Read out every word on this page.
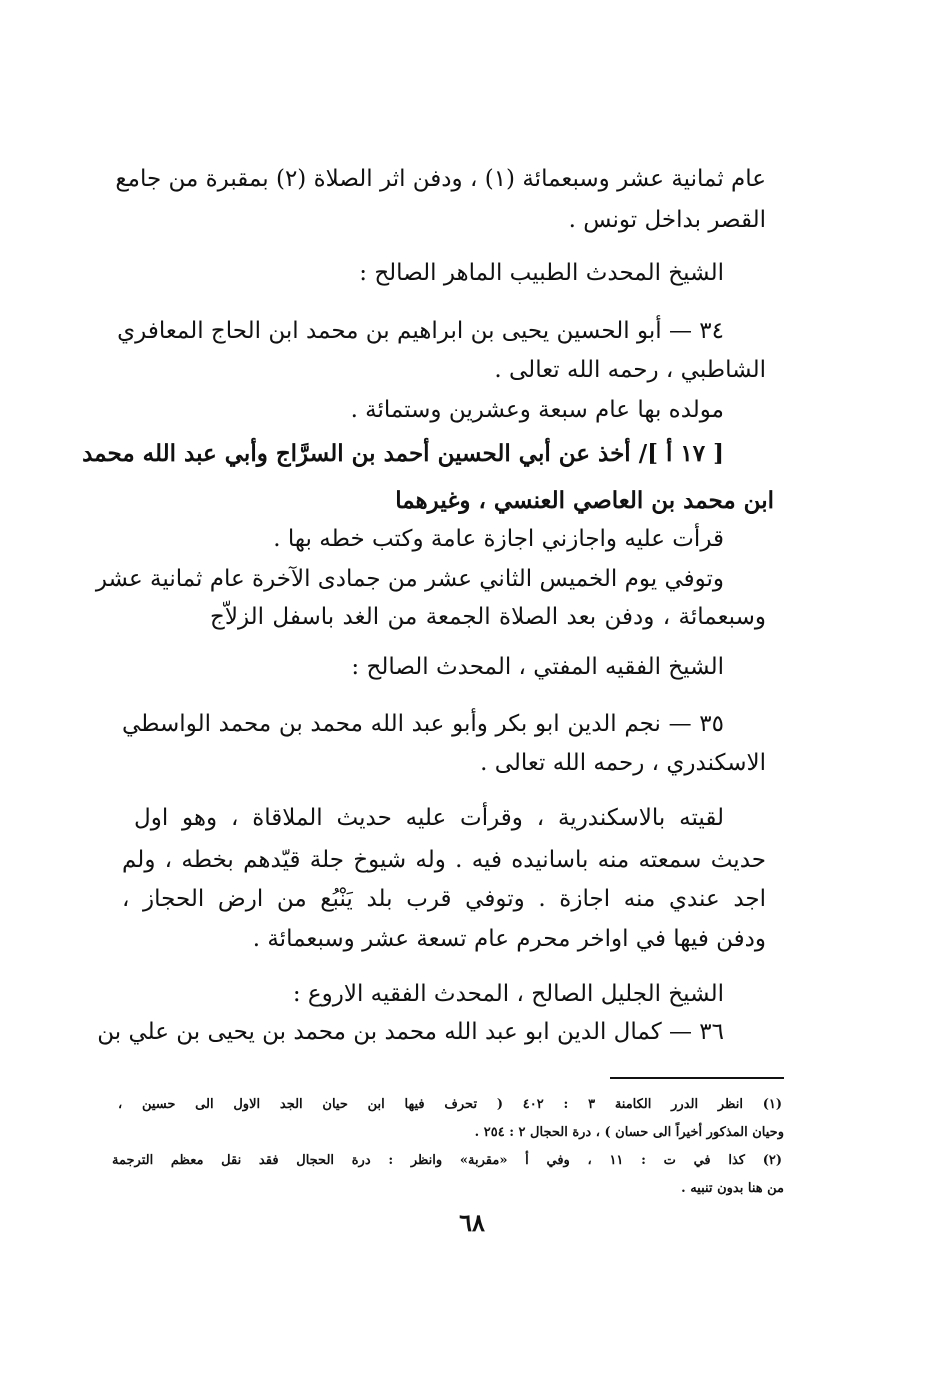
عام ثمانية عشر وسبعمائة (١) ، ودفن اثر الصلاة (٢) بمقبرة من جامع
القصر بداخل تونس .
الشيخ المحدث الطبيب الماهر الصالح :
٣٤ — أبو الحسين يحيى بن ابراهيم بن محمد ابن الحاج المعافري
الشاطبي ، رحمه الله تعالى .
مولده بها عام سبعة وعشرين وستمائة .
[ ١٧ أ ]/ أخذ عن أبي الحسين أحمد بن السرَّاج وأبي عبد الله محمد
ابن محمد بن العاصي العنسي ، وغيرهما
قرأت عليه واجازني اجازة عامة وكتب خطه بها .
وتوفي يوم الخميس الثاني عشر من جمادى الآخرة عام ثمانية عشر
وسبعمائة ، ودفن بعد الصلاة الجمعة من الغد باسفل الزلاّج
الشيخ الفقيه المفتي ، المحدث الصالح :
٣٥ — نجم الدين ابو بكر وأبو عبد الله محمد بن محمد الواسطي
الاسكندري ، رحمه الله تعالى .
لقيته بالاسكندرية ، وقرأت عليه حديث الملاقاة ، وهو اول
حديث سمعته منه باسانيده فيه . وله شيوخ جلة قيّدهم بخطه ، ولم
اجد عندي منه اجازة . وتوفي قرب بلد يَنْبُع من ارض الحجاز ،
ودفن فيها في اواخر محرم عام تسعة عشر وسبعمائة .
الشيخ الجليل الصالح ، المحدث الفقيه الاروع :
٣٦ — كمال الدين ابو عبد الله محمد بن محمد بن يحيى بن علي بن
(١) انظر الدرر الكامنة ٣ : ٤٠٢ ( تحرف فيها ابن حيان الجد الاول الى حسين ،
وحيان المذكور أخيراً الى حسان ) ، درة الحجال ٢ : ٢٥٤ .
(٢) كذا في ت : ١١ ، وفي أ «مقربة» وانظر : درة الحجال فقد نقل معظم الترجمة
من هنا بدون تنبيه .
٦٨
